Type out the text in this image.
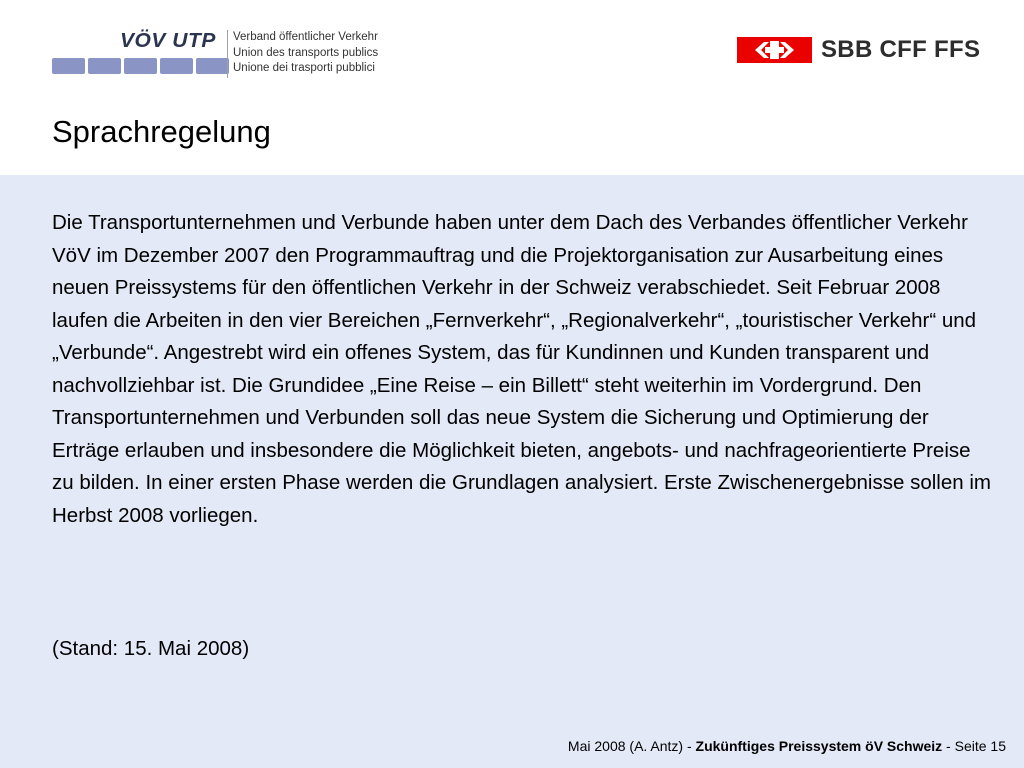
VÖV UTP Verband öffentlicher Verkehr
Union des transports publics
Unione dei trasporti pubblici
SBB CFF FFS
Sprachregelung

Die Transportunternehmen und Verbunde haben unter dem Dach des Verbandes öffentlicher Verkehr VöV im Dezember 2007 den Programmauftrag und die Projektorganisation zur Ausarbeitung eines neuen Preissystems für den öffentlichen Verkehr in der Schweiz verabschiedet. Seit Februar 2008 laufen die Arbeiten in den vier Bereichen „Fernverkehr“, „Regionalverkehr“, „touristischer Verkehr“ und „Verbunde“. Angestrebt wird ein offenes System, das für Kundinnen und Kunden transparent und nachvollziehbar ist. Die Grundidee „Eine Reise – ein Billett“ steht weiterhin im Vordergrund. Den Transportunternehmen und Verbunden soll das neue System die Sicherung und Optimierung der Erträge erlauben und insbesondere die Möglichkeit bieten, angebots- und nachfrageorientierte Preise zu bilden. In einer ersten Phase werden die Grundlagen analysiert. Erste Zwischenergebnisse sollen im Herbst 2008 vorliegen.

(Stand: 15. Mai 2008)

Mai 2008 (A. Antz) - Zukünftiges Preissystem öV Schweiz - Seite 15
